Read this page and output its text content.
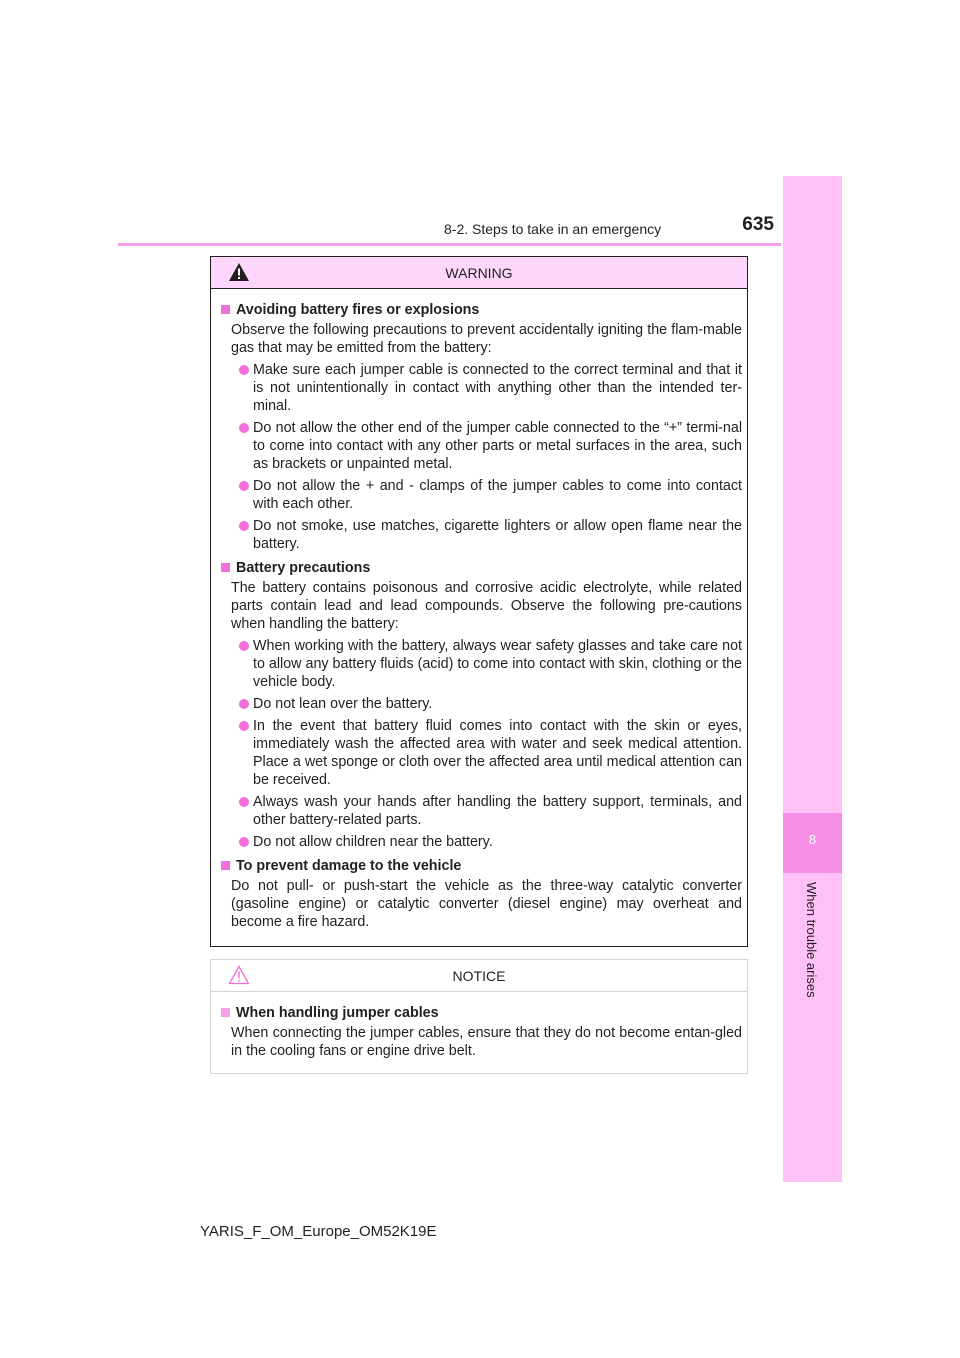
8
When trouble arises
8-2. Steps to take in an emergency	635
WARNING
Avoiding battery fires or explosions
Observe the following precautions to prevent accidentally igniting the flam-mable gas that may be emitted from the battery:
Make sure each jumper cable is connected to the correct terminal and that it is not unintentionally in contact with anything other than the intended ter-minal.
Do not allow the other end of the jumper cable connected to the “+” termi-nal to come into contact with any other parts or metal surfaces in the area, such as brackets or unpainted metal.
Do not allow the + and - clamps of the jumper cables to come into contact with each other.
Do not smoke, use matches, cigarette lighters or allow open flame near the battery.
Battery precautions
The battery contains poisonous and corrosive acidic electrolyte, while related parts contain lead and lead compounds. Observe the following pre-cautions when handling the battery:
When working with the battery, always wear safety glasses and take care not to allow any battery fluids (acid) to come into contact with skin, clothing or the vehicle body.
Do not lean over the battery.
In the event that battery fluid comes into contact with the skin or eyes, immediately wash the affected area with water and seek medical attention. Place a wet sponge or cloth over the affected area until medical attention can be received.
Always wash your hands after handling the battery support, terminals, and other battery-related parts.
Do not allow children near the battery.
To prevent damage to the vehicle
Do not pull- or push-start the vehicle as the three-way catalytic converter (gasoline engine) or catalytic converter (diesel engine) may overheat and become a fire hazard.
NOTICE
When handling jumper cables
When connecting the jumper cables, ensure that they do not become entan-gled in the cooling fans or engine drive belt.
YARIS_F_OM_Europe_OM52K19E
